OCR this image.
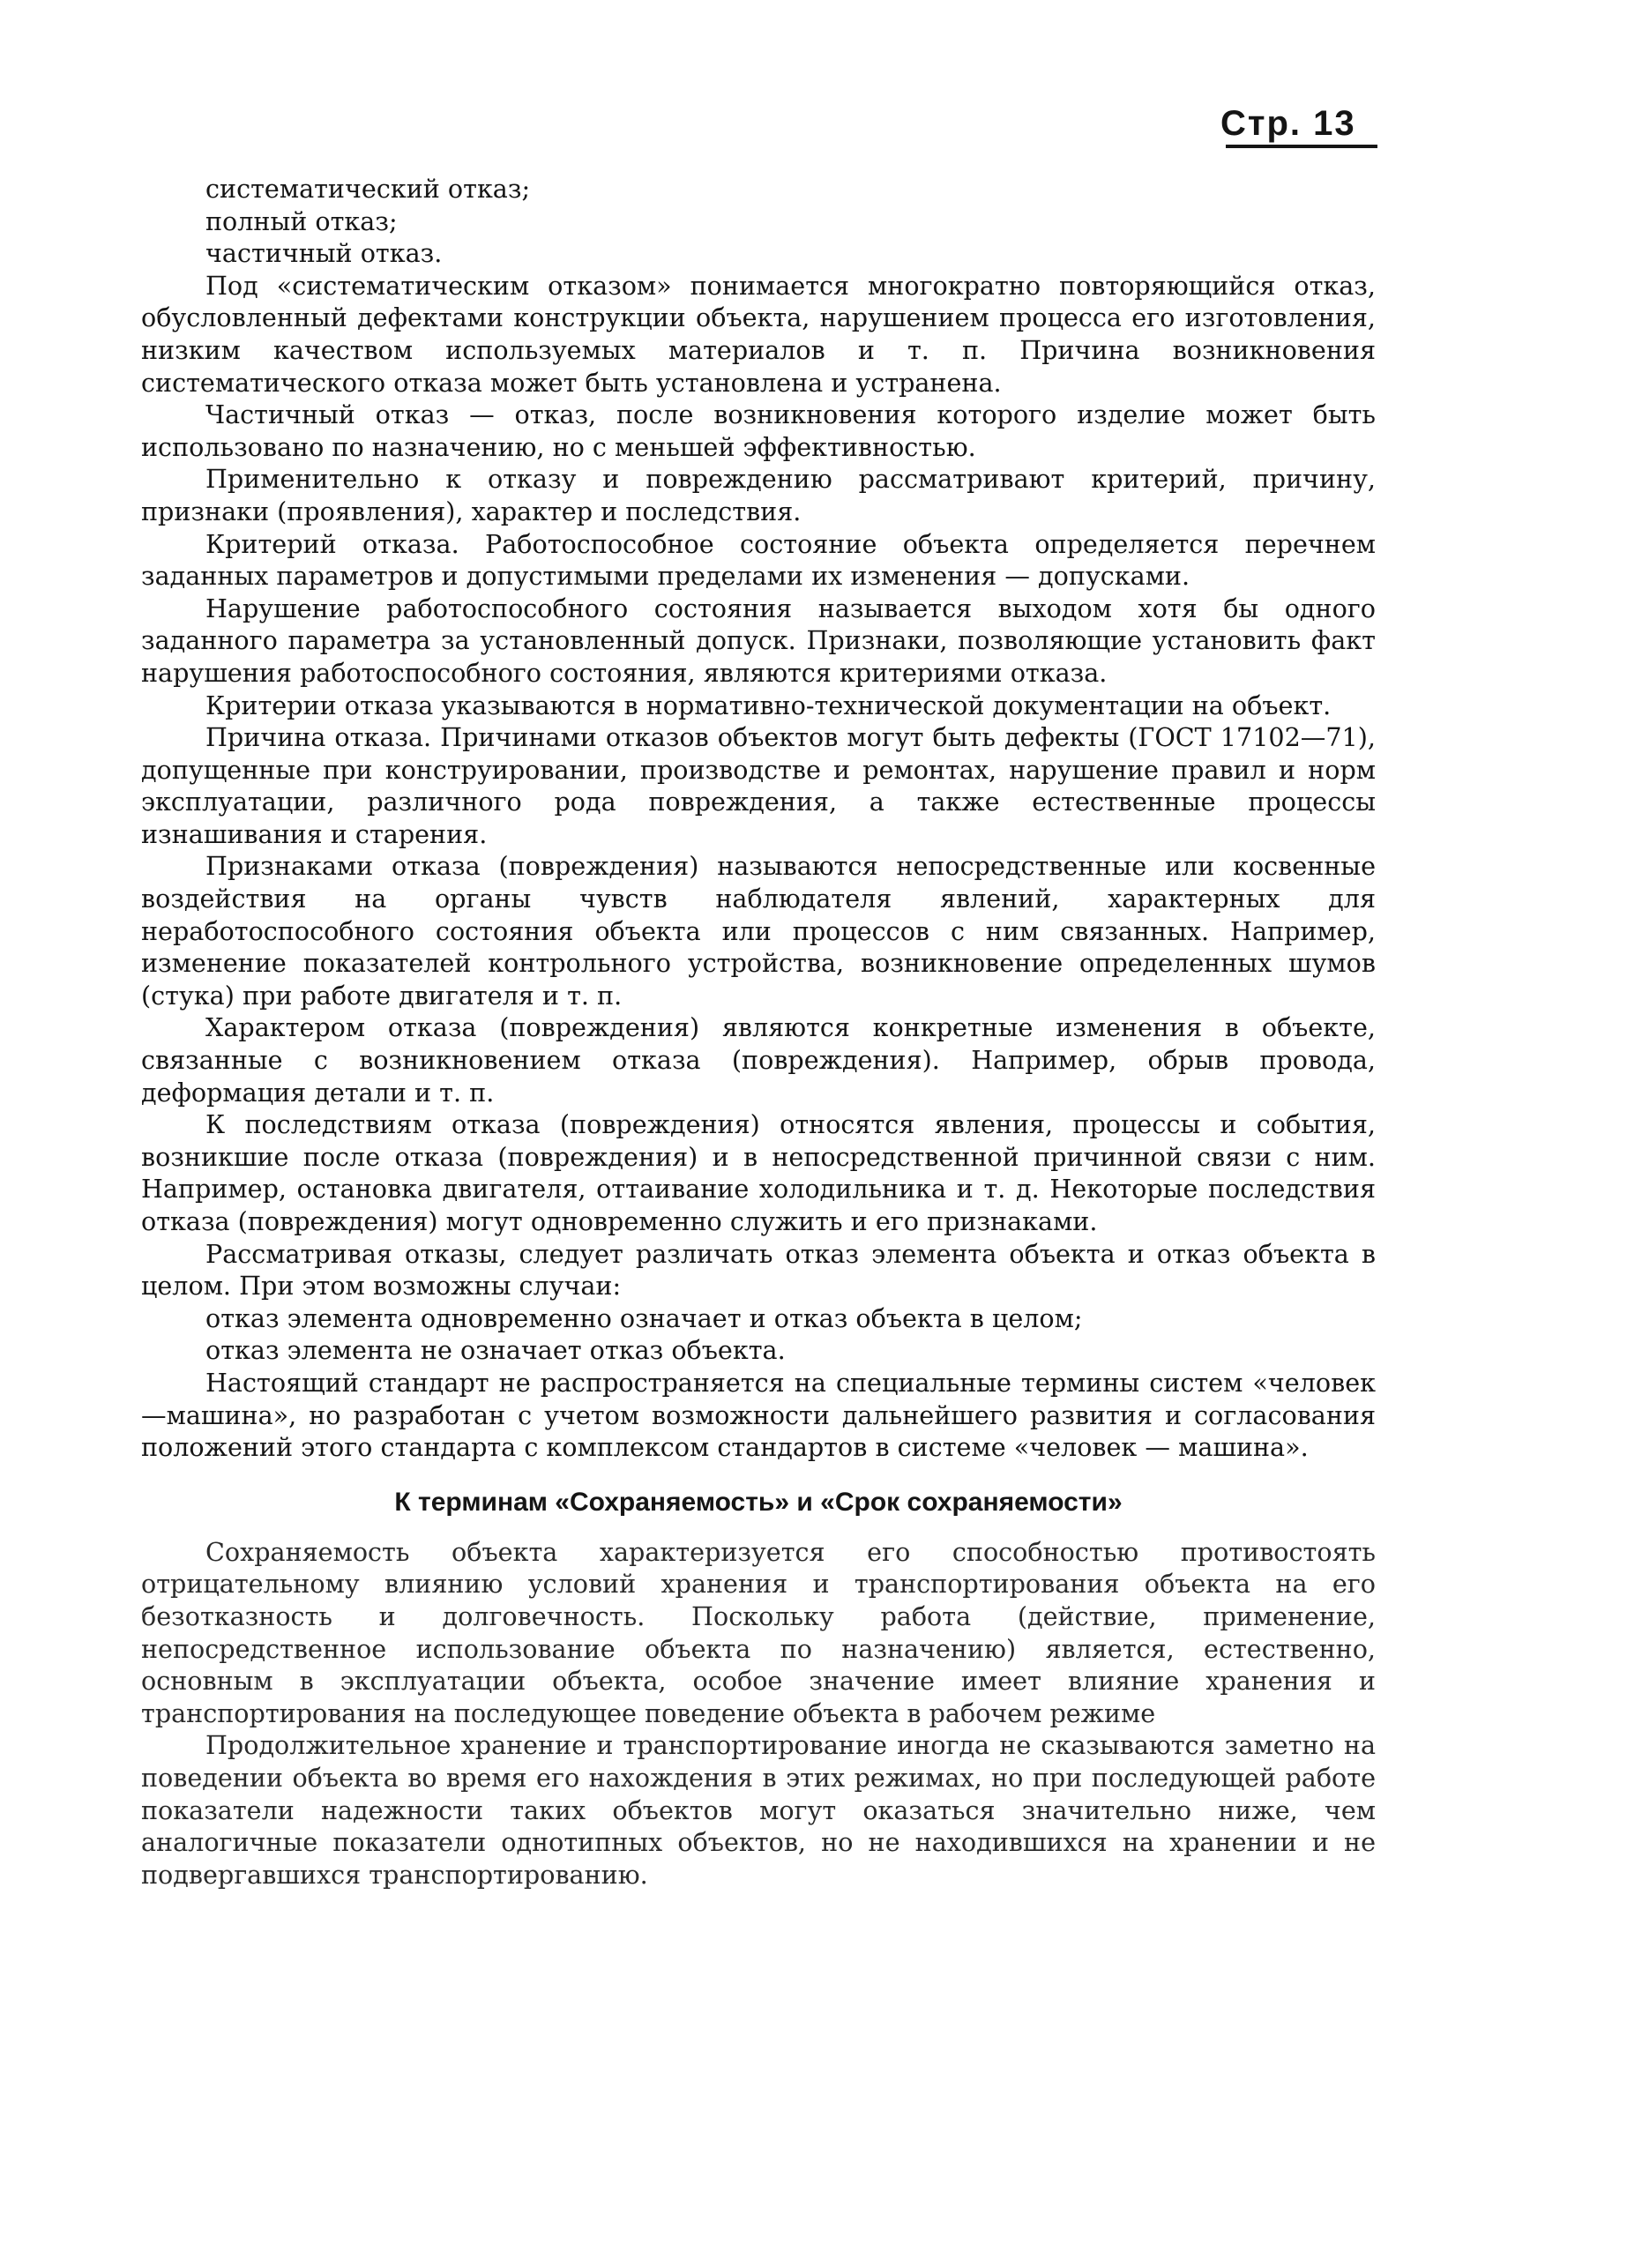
Стр. 13

систематический отказ;

полный отказ;

частичный отказ.

Под «систематическим отказом» понимается многократно повторяющийся отказ, обусловленный дефектами конструкции объекта, нарушением процесса его изготовления, низким качеством используемых материалов и т. п. Причина возникновения систематического отказа может быть установлена и устранена.

Частичный отказ — отказ, после возникновения которого изделие может быть использовано по назначению, но с меньшей эффективностью.

Применительно к отказу и повреждению рассматривают критерий, причину, признаки (проявления), характер и последствия.

Критерий отказа. Работоспособное состояние объекта определяется перечнем заданных параметров и допустимыми пределами их изменения — допусками.

Нарушение работоспособного состояния называется выходом хотя бы одного заданного параметра за установленный допуск. Признаки, позволяющие установить факт нарушения работоспособного состояния, являются критериями отказа.

Критерии отказа указываются в нормативно-технической документации на объект.

Причина отказа. Причинами отказов объектов могут быть дефекты (ГОСТ 17102—71), допущенные при конструировании, производстве и ремонтах, нарушение правил и норм эксплуатации, различного рода повреждения, а также естественные процессы изнашивания и старения.

Признаками отказа (повреждения) называются непосредственные или косвенные воздействия на органы чувств наблюдателя явлений, характерных для неработоспособного состояния объекта или процессов с ним связанных. Например, изменение показателей контрольного устройства, возникновение определенных шумов (стука) при работе двигателя и т. п.

Характером отказа (повреждения) являются конкретные изменения в объекте, связанные с возникновением отказа (повреждения). Например, обрыв провода, деформация детали и т. п.

К последствиям отказа (повреждения) относятся явления, процессы и события, возникшие после отказа (повреждения) и в непосредственной причинной связи с ним. Например, остановка двигателя, оттаивание холодильника и т. д. Некоторые последствия отказа (повреждения) могут одновременно служить и его признаками.

Рассматривая отказы, следует различать отказ элемента объекта и отказ объекта в целом. При этом возможны случаи:

отказ элемента одновременно означает и отказ объекта в целом;

отказ элемента не означает отказ объекта.

Настоящий стандарт не распространяется на специальные термины систем «человек—машина», но разработан с учетом возможности дальнейшего развития и согласования положений этого стандарта с комплексом стандартов в системе «человек — машина».

К терминам «Сохраняемость» и «Срок сохраняемости»

Сохраняемость объекта характеризуется его способностью противостоять отрицательному влиянию условий хранения и транспортирования объекта на его безотказность и долговечность. Поскольку работа (действие, применение, непосредственное использование объекта по назначению) является, естественно, основным в эксплуатации объекта, особое значение имеет влияние хранения и транспортирования на последующее поведение объекта в рабочем режиме

Продолжительное хранение и транспортирование иногда не сказываются заметно на поведении объекта во время его нахождения в этих режимах, но при последующей работе показатели надежности таких объектов могут оказаться значительно ниже, чем аналогичные показатели однотипных объектов, но не находившихся на хранении и не подвергавшихся транспортированию.
